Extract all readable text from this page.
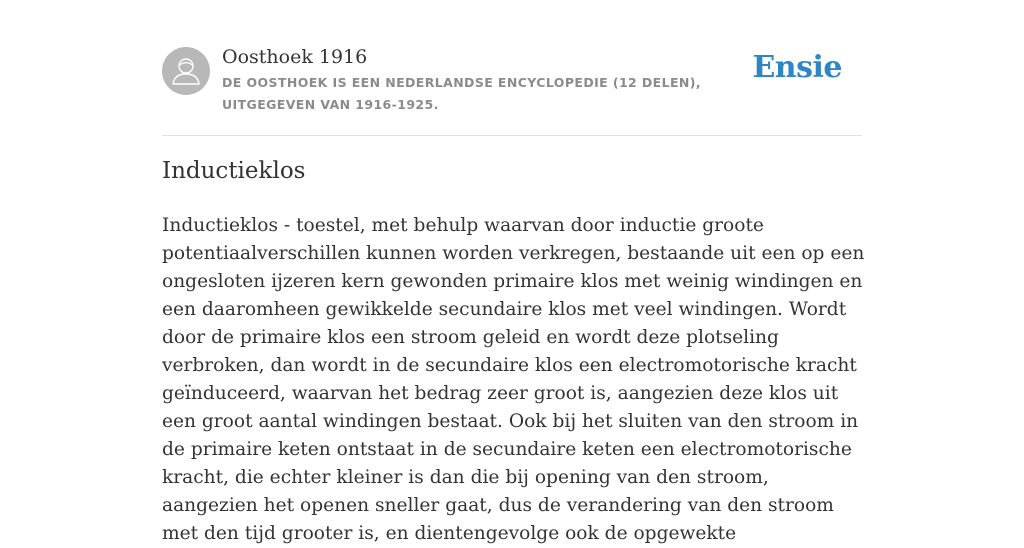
Oosthoek 1916
DE OOSTHOEK IS EEN NEDERLANDSE ENCYCLOPEDIE (12 DELEN), UITGEGEVEN VAN 1916-1925.
Ensie
Inductieklos

Inductieklos - toestel, met behulp waarvan door inductie groote potentiaalverschillen kunnen worden verkregen, bestaande uit een op een ongesloten ijzeren kern gewonden primaire klos met weinig windingen en een daaromheen gewikkelde secundaire klos met veel windingen. Wordt door de primaire klos een stroom geleid en wordt deze plotseling verbroken, dan wordt in de secundaire klos een electromotorische kracht geïnduceerd, waarvan het bedrag zeer groot is, aangezien deze klos uit een groot aantal windingen bestaat. Ook bij het sluiten van den stroom in de primaire keten ontstaat in de secundaire keten een electromotorische kracht, die echter kleiner is dan die bij opening van den stroom, aangezien het openen sneller gaat, dus de verandering van den stroom met den tijd grooter is, en dientengevolge ook de opgewekte
